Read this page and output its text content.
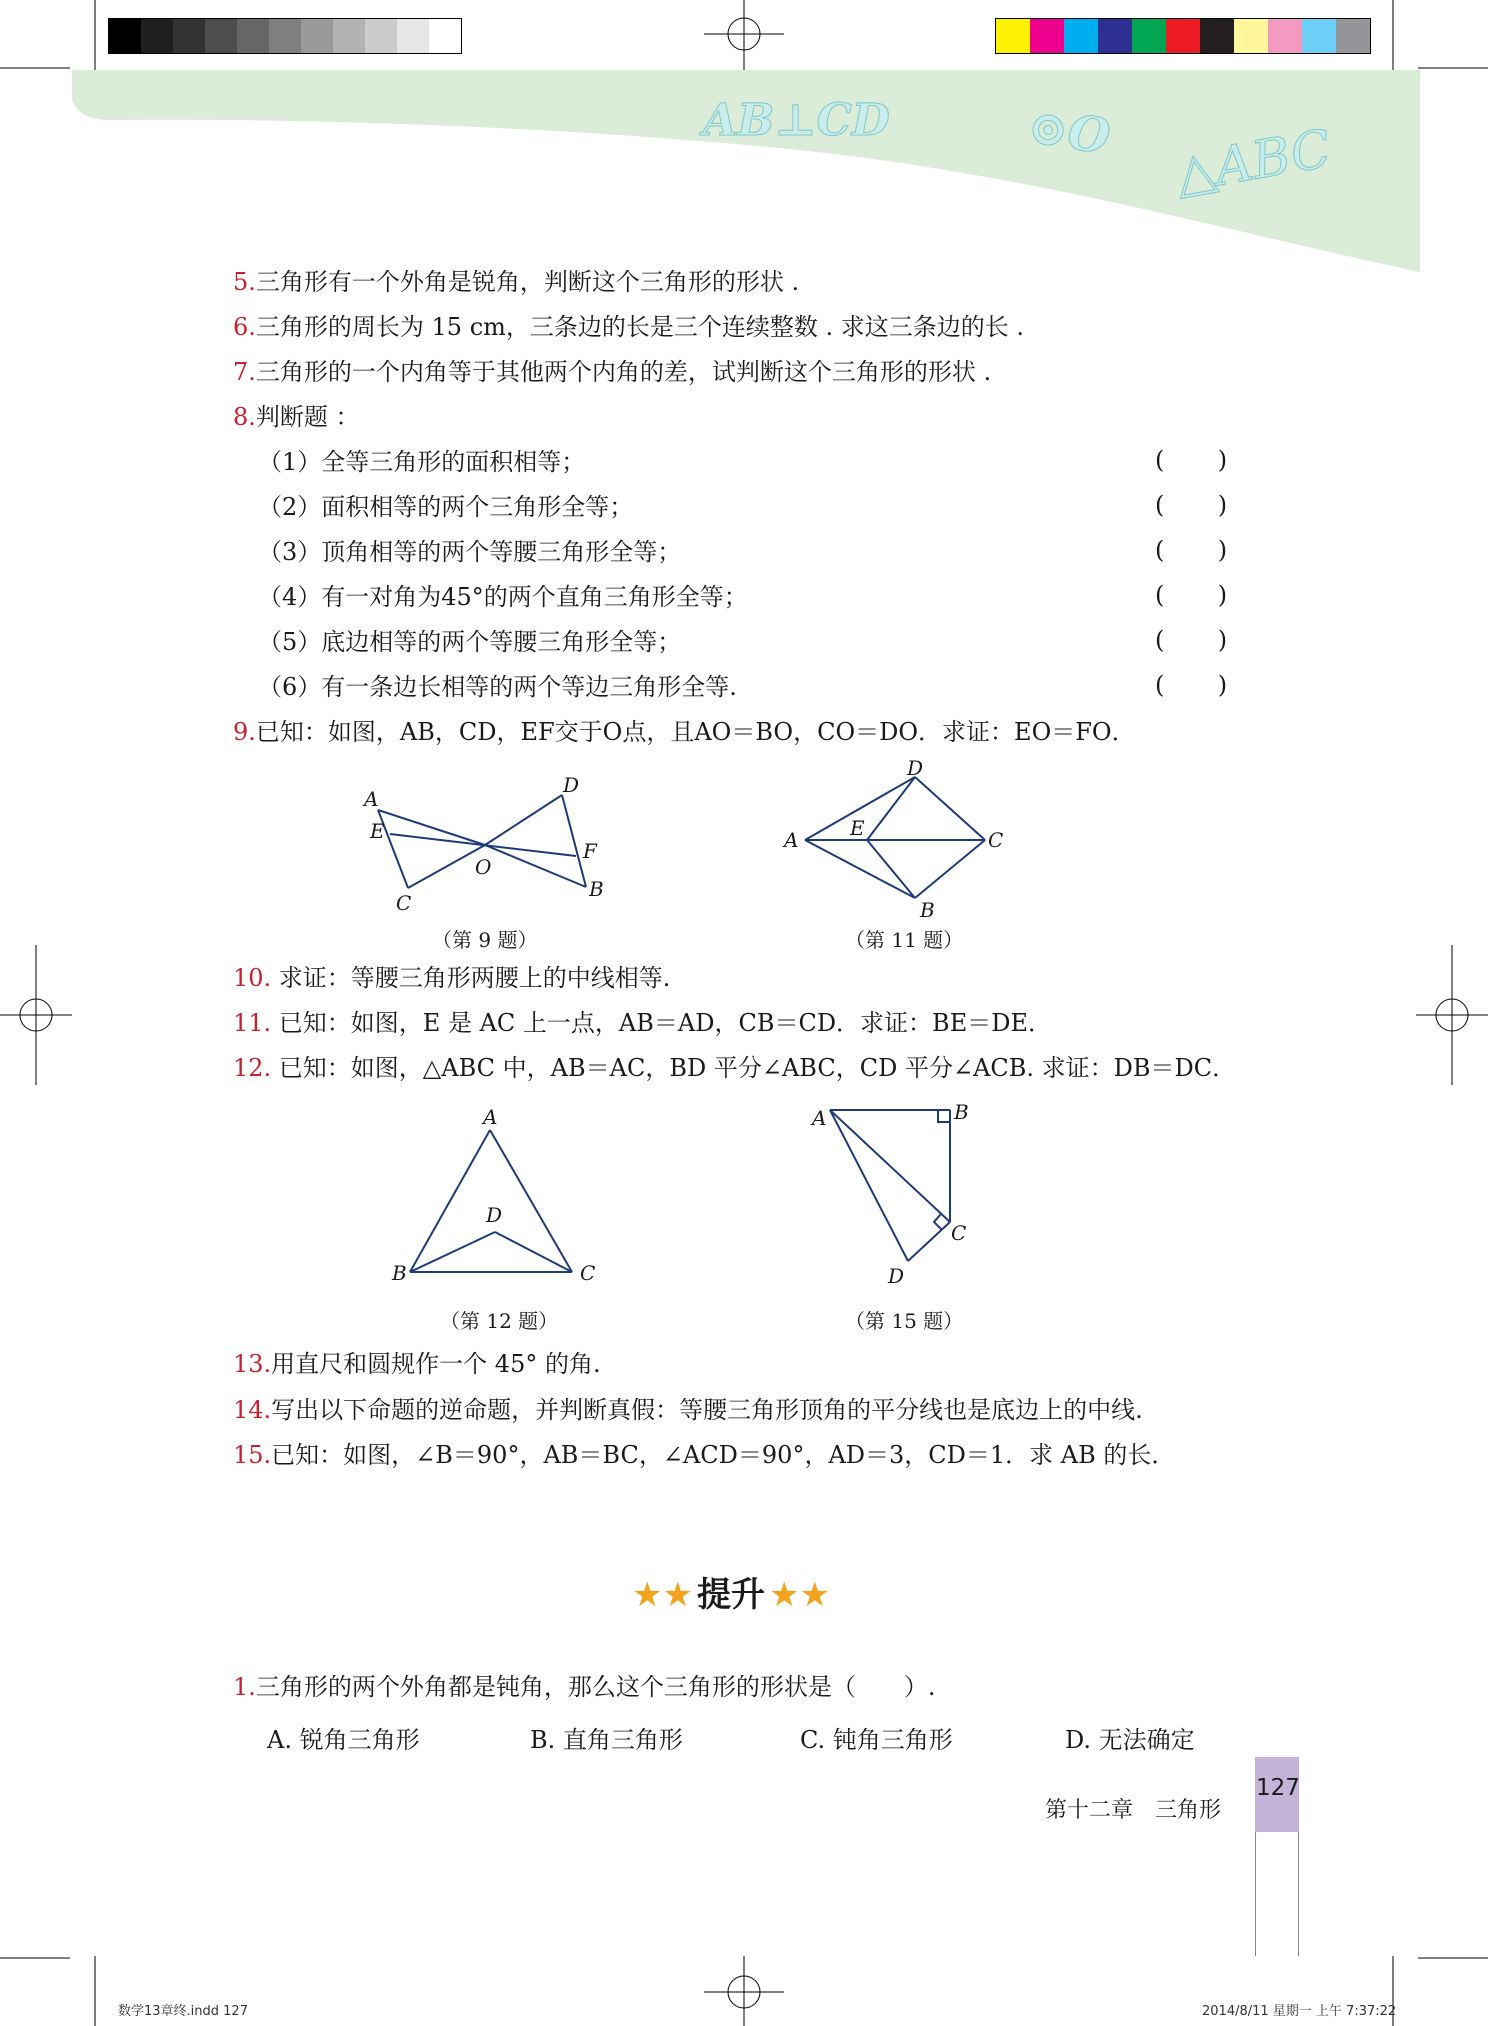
AB⊥CD	⊙O △ABC
5.三角形有一个外角是锐角，判断这个三角形的形状 .
6.三角形的周长为 15 cm，三条边的长是三个连续整数 . 求这三条边的长 .
7.三角形的一个内角等于其他两个内角的差，试判断这个三角形的形状 .
8.判断题 ：
（1）全等三角形的面积相等；	(       )
（2）面积相等的两个三角形全等；	(       )
（3）顶角相等的两个等腰三角形全等；	(       )
（4）有一对角为45°的两个直角三角形全等；	(       )
（5）底边相等的两个等腰三角形全等；	(       )
（6）有一条边长相等的两个等边三角形全等.	(       )
9.已知：如图，AB，CD，EF交于O点，且AO＝BO，CO＝DO．求证：EO＝FO．
A
D
E
F
O
C
B
（第 9 题）
D
A	E	C
B
（第 11 题）
10. 求证：等腰三角形两腰上的中线相等.
11. 已知：如图，E 是 AC 上一点，AB＝AD，CB＝CD．求证：BE＝DE．
12. 已知：如图，△ABC 中，AB＝AC，BD 平分∠ABC，CD 平分∠ACB. 求证：DB＝DC．
A
D
B	C
（第 12 题）
A	B
C
D
（第 15 题）
13.用直尺和圆规作一个 45° 的角.
14.写出以下命题的逆命题，并判断真假：等腰三角形顶角的平分线也是底边上的中线.
15.已知：如图，∠B＝90°，AB＝BC，∠ACD＝90°，AD＝3，CD＝1．求 AB 的长．
★★ 提升 ★★
1.三角形的两个外角都是钝角，那么这个三角形的形状是（　　）.
A. 锐角三角形	B. 直角三角形	C. 钝角三角形	D. 无法确定
127
第十二章　三角形
数学13章终.indd 127	2014/8/11 星期一 上午 7:37:22
